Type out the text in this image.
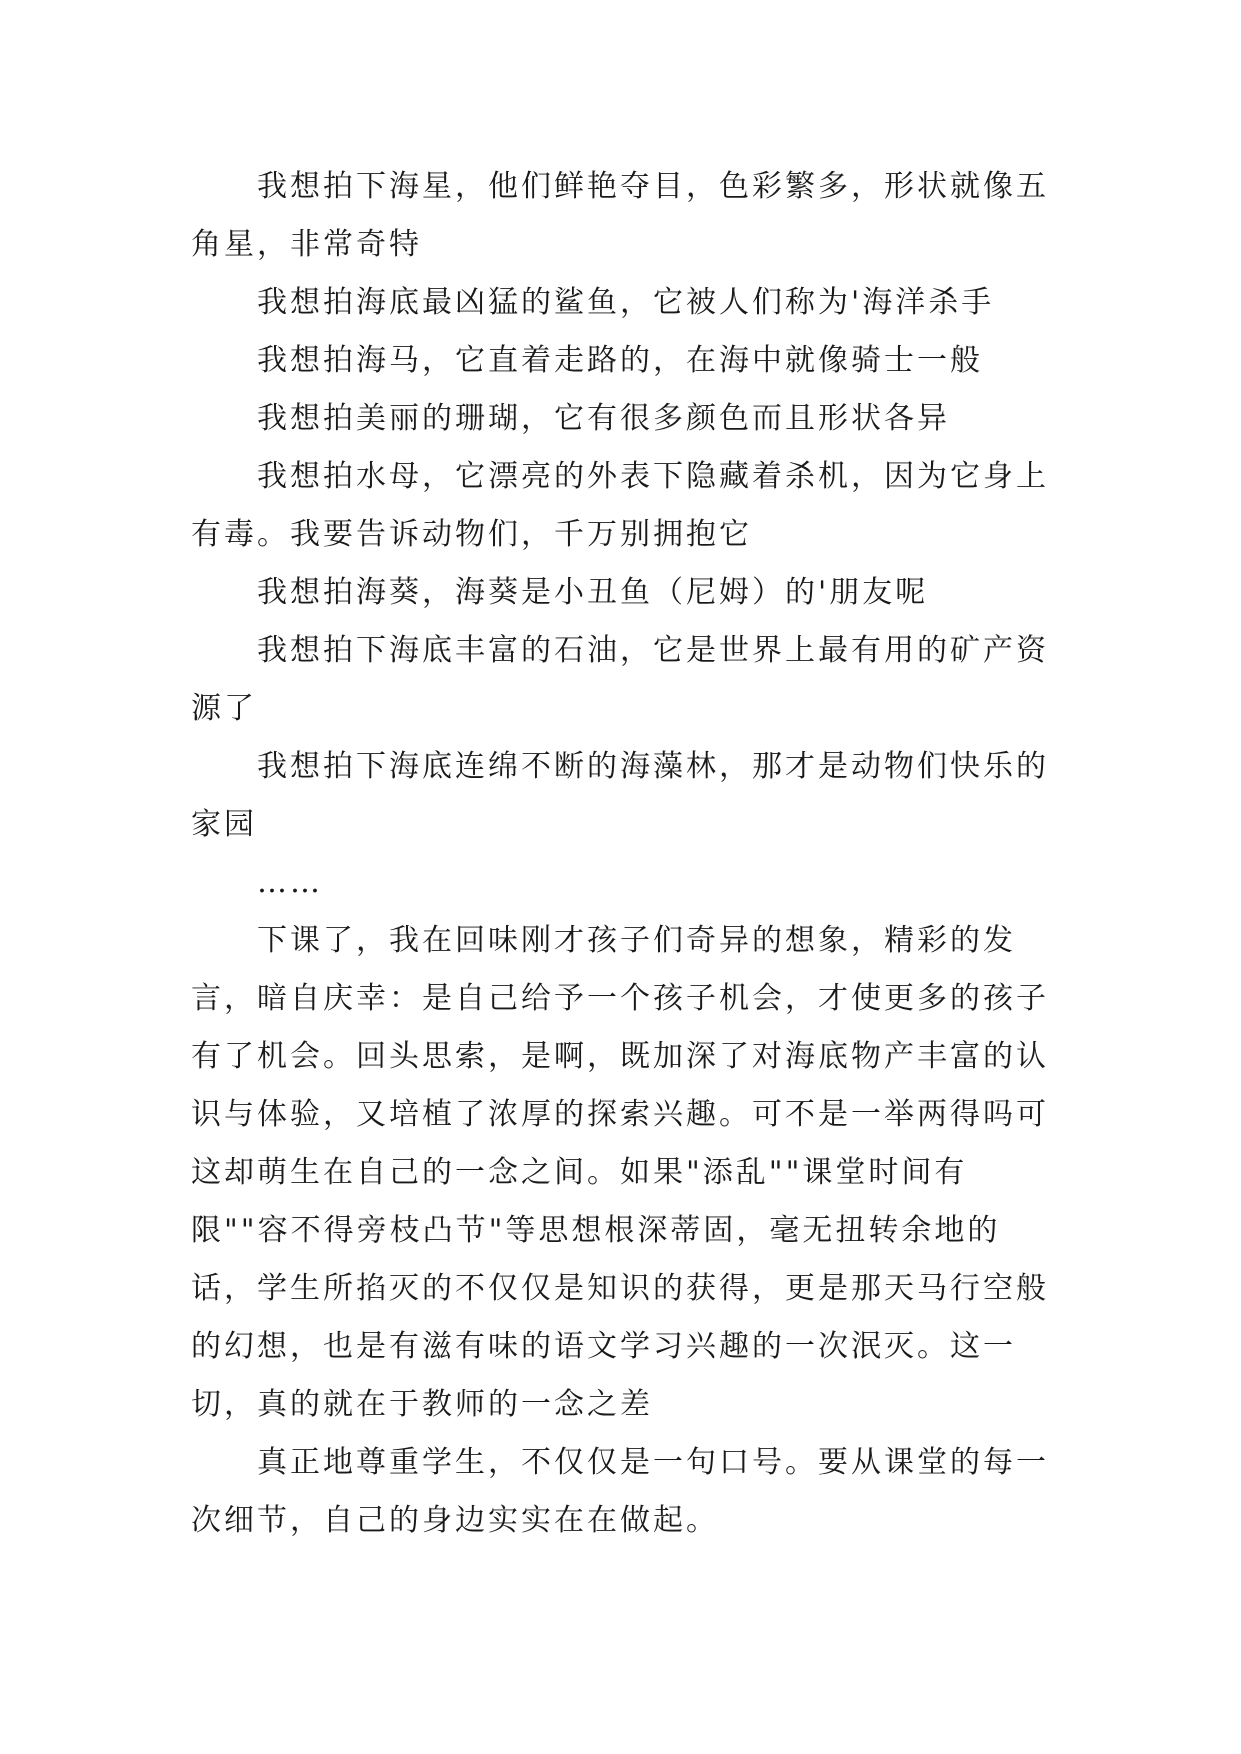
我想拍下海星，他们鲜艳夺目，色彩繁多，形状就像五角星，非常奇特

我想拍海底最凶猛的鲨鱼，它被人们称为'海洋杀手

我想拍海马，它直着走路的，在海中就像骑士一般

我想拍美丽的珊瑚，它有很多颜色而且形状各异

我想拍水母，它漂亮的外表下隐藏着杀机，因为它身上有毒。我要告诉动物们，千万别拥抱它

我想拍海葵，海葵是小丑鱼（尼姆）的'朋友呢

我想拍下海底丰富的石油，它是世界上最有用的矿产资源了

我想拍下海底连绵不断的海藻林，那才是动物们快乐的家园

……

下课了，我在回味刚才孩子们奇异的想象，精彩的发言，暗自庆幸：是自己给予一个孩子机会，才使更多的孩子有了机会。回头思索，是啊，既加深了对海底物产丰富的认识与体验，又培植了浓厚的探索兴趣。可不是一举两得吗可这却萌生在自己的一念之间。如果"添乱""课堂时间有限""容不得旁枝凸节"等思想根深蒂固，毫无扭转余地的话，学生所掐灭的不仅仅是知识的获得，更是那天马行空般的幻想，也是有滋有味的语文学习兴趣的一次泯灭。这一切，真的就在于教师的一念之差

真正地尊重学生，不仅仅是一句口号。要从课堂的每一次细节，自己的身边实实在在做起。
